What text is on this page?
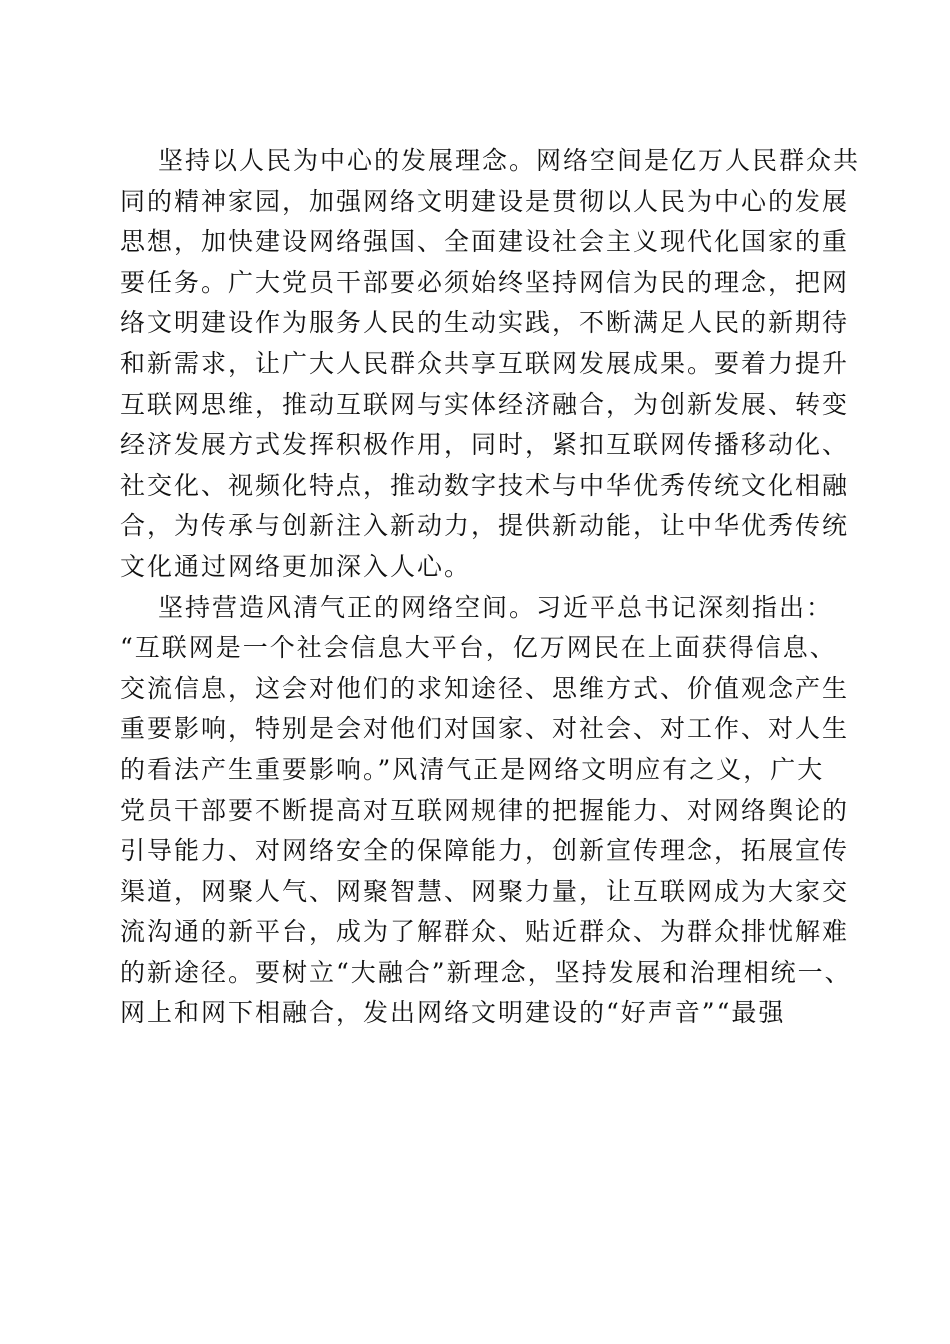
坚持以人民为中心的发展理念。网络空间是亿万人民群众共
同的精神家园，加强网络文明建设是贯彻以人民为中心的发展
思想，加快建设网络强国、全面建设社会主义现代化国家的重
要任务。广大党员干部要必须始终坚持网信为民的理念，把网
络文明建设作为服务人民的生动实践，不断满足人民的新期待
和新需求，让广大人民群众共享互联网发展成果。要着力提升
互联网思维，推动互联网与实体经济融合，为创新发展、转变
经济发展方式发挥积极作用，同时，紧扣互联网传播移动化、
社交化、视频化特点，推动数字技术与中华优秀传统文化相融
合，为传承与创新注入新动力，提供新动能，让中华优秀传统
文化通过网络更加深入人心。
坚持营造风清气正的网络空间。习近平总书记深刻指出：
“互联网是一个社会信息大平台，亿万网民在上面获得信息、
交流信息，这会对他们的求知途径、思维方式、价值观念产生
重要影响，特别是会对他们对国家、对社会、对工作、对人生
的看法产生重要影响。”风清气正是网络文明应有之义，广大
党员干部要不断提高对互联网规律的把握能力、对网络舆论的
引导能力、对网络安全的保障能力，创新宣传理念，拓展宣传
渠道，网聚人气、网聚智慧、网聚力量，让互联网成为大家交
流沟通的新平台，成为了解群众、贴近群众、为群众排忧解难
的新途径。要树立“大融合”新理念，坚持发展和治理相统一、
网上和网下相融合，发出网络文明建设的“好声音”“最强
